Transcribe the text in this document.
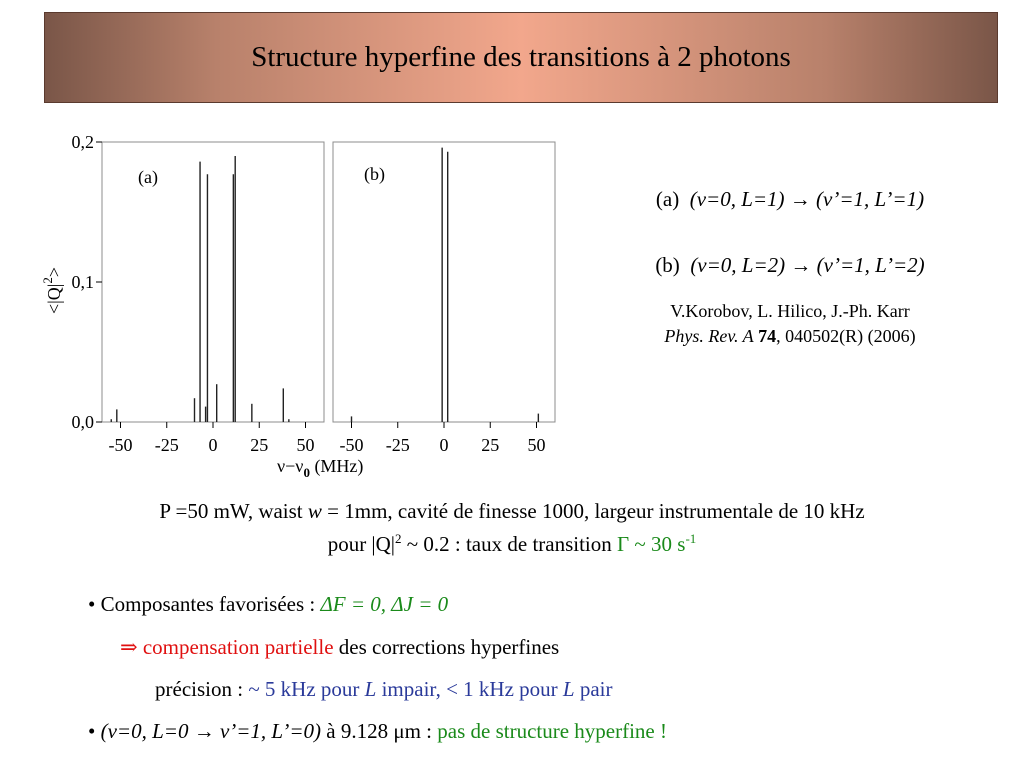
Structure hyperfine des transitions à 2 photons
0,0
0,1
0,2
-50 -25 0 25 50 -50 -25 0 25 50
(a)	(b)
$\nu-\nu_0$ (MHz)
$<|Q|^2>$

(a) (v=0, L=1) → (v’=1, L’=1)

(b) (v=0, L=2) → (v’=1, L’=2)

V.Korobov, L. Hilico, J.-Ph. Karr
Phys. Rev. A 74, 040502(R) (2006)
P =50 mW, waist w = 1mm, cavité de finesse 1000, largeur instrumentale de 10 kHz
pour $|Q|^2$ ~ 0.2 : taux de transition Γ ~ 30 $s^{-1}$
• Composantes favorisées : ΔF = 0, ΔJ = 0
⇒ compensation partielle des corrections hyperfines
précision : ~ 5 kHz pour L impair, < 1 kHz pour L pair
• (v=0, L=0 → v’=1, L’=0) à 9.128 μm : pas de structure hyperfine !
